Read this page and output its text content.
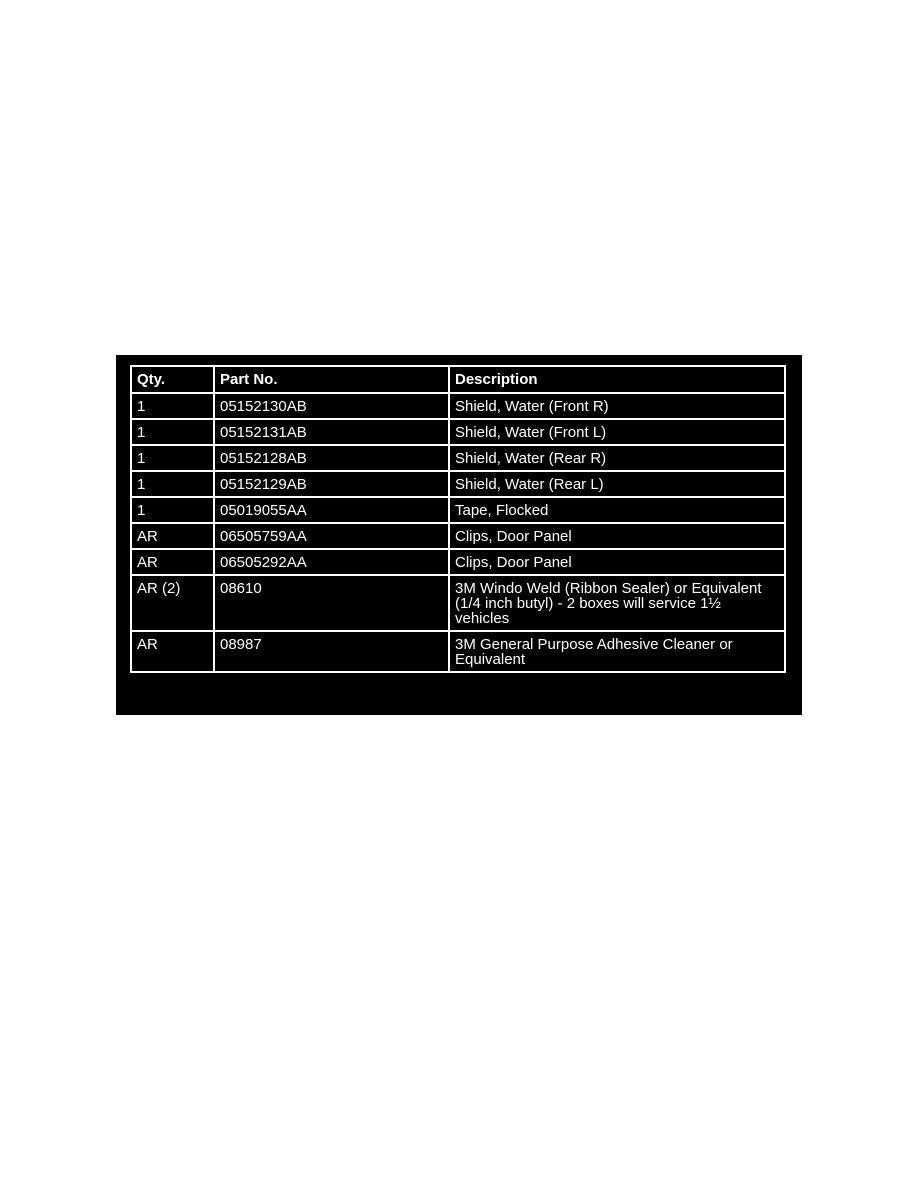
Qty.	Part No.	Description
1	05152130AB	Shield, Water (Front R)
1	05152131AB	Shield, Water (Front L)
1	05152128AB	Shield, Water (Rear R)
1	05152129AB	Shield, Water (Rear L)
1	05019055AA	Tape, Flocked
AR	06505759AA	Clips, Door Panel
AR	06505292AA	Clips, Door Panel
AR (2)	08610	3M Windo Weld (Ribbon Sealer) or Equivalent (1/4 inch butyl) - 2 boxes will service 1½ vehicles
AR	08987	3M General Purpose Adhesive Cleaner or Equivalent
